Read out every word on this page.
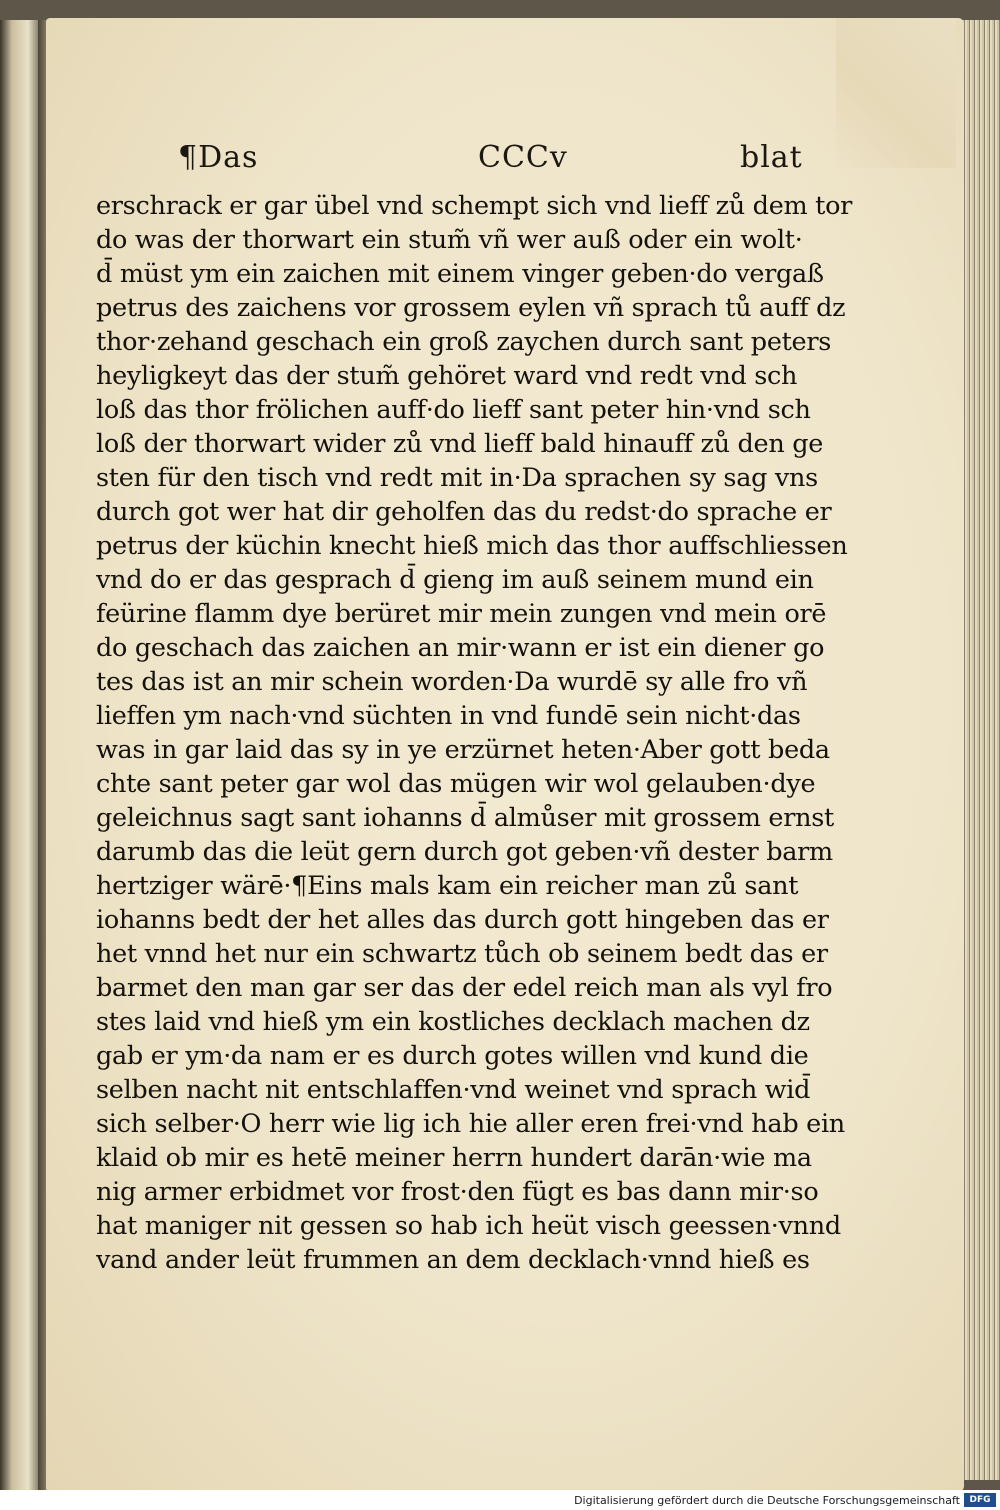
¶Das	CCCv	blat
erschrack er gar übel vnd schempt sich vnd lieff zů dem tor
do was der thorwart ein stum̃ vñ wer auß oder ein wolt·
d̄ müst ym ein zaichen mit einem vinger geben·do vergaß
petrus des zaichens vor grossem eylen vñ sprach tů auff dz
thor·zehand geschach ein groß zaychen durch sant peters
heyligkeyt das der stum̃ gehöret ward vnd redt vnd sch
loß das thor frölichen auff·do lieff sant peter hin·vnd sch
loß der thorwart wider zů vnd lieff bald hinauff zů den ge
sten für den tisch vnd redt mit in·Da sprachen sy sag vns
durch got wer hat dir geholfen das du redst·do sprache er
petrus der küchin knecht hieß mich das thor auffschliessen
vnd do er das gesprach d̄ gieng im auß seinem mund ein
feürine flamm dye berüret mir mein zungen vnd mein orē
do geschach das zaichen an mir·wann er ist ein diener go
tes das ist an mir schein worden·Da wurdē sy alle fro vñ
lieffen ym nach·vnd süchten in vnd fundē sein nicht·das
was in gar laid das sy in ye erzürnet heten·Aber gott beda
chte sant peter gar wol das mügen wir wol gelauben·dye
geleichnus sagt sant iohanns d̄ almůser mit grossem ernst
darumb das die leüt gern durch got geben·vñ dester barm
hertziger wärē·¶Eins mals kam ein reicher man zů sant
iohanns bedt der het alles das durch gott hingeben das er
het vnnd het nur ein schwartz tůch ob seinem bedt das er
barmet den man gar ser das der edel reich man als vyl fro
stes laid vnd hieß ym ein kostliches decklach machen dz
gab er ym·da nam er es durch gotes willen vnd kund die
selben nacht nit entschlaffen·vnd weinet vnd sprach wid̄
sich selber·O herr wie lig ich hie aller eren frei·vnd hab ein
klaid ob mir es hetē meiner herrn hundert darān·wie ma
nig armer erbidmet vor frost·den fügt es bas dann mir·so
hat maniger nit gessen so hab ich heüt visch geessen·vnnd
vand ander leüt frummen an dem decklach·vnnd hieß es
Digitalisierung gefördert durch die Deutsche Forschungsgemeinschaft	DFG
